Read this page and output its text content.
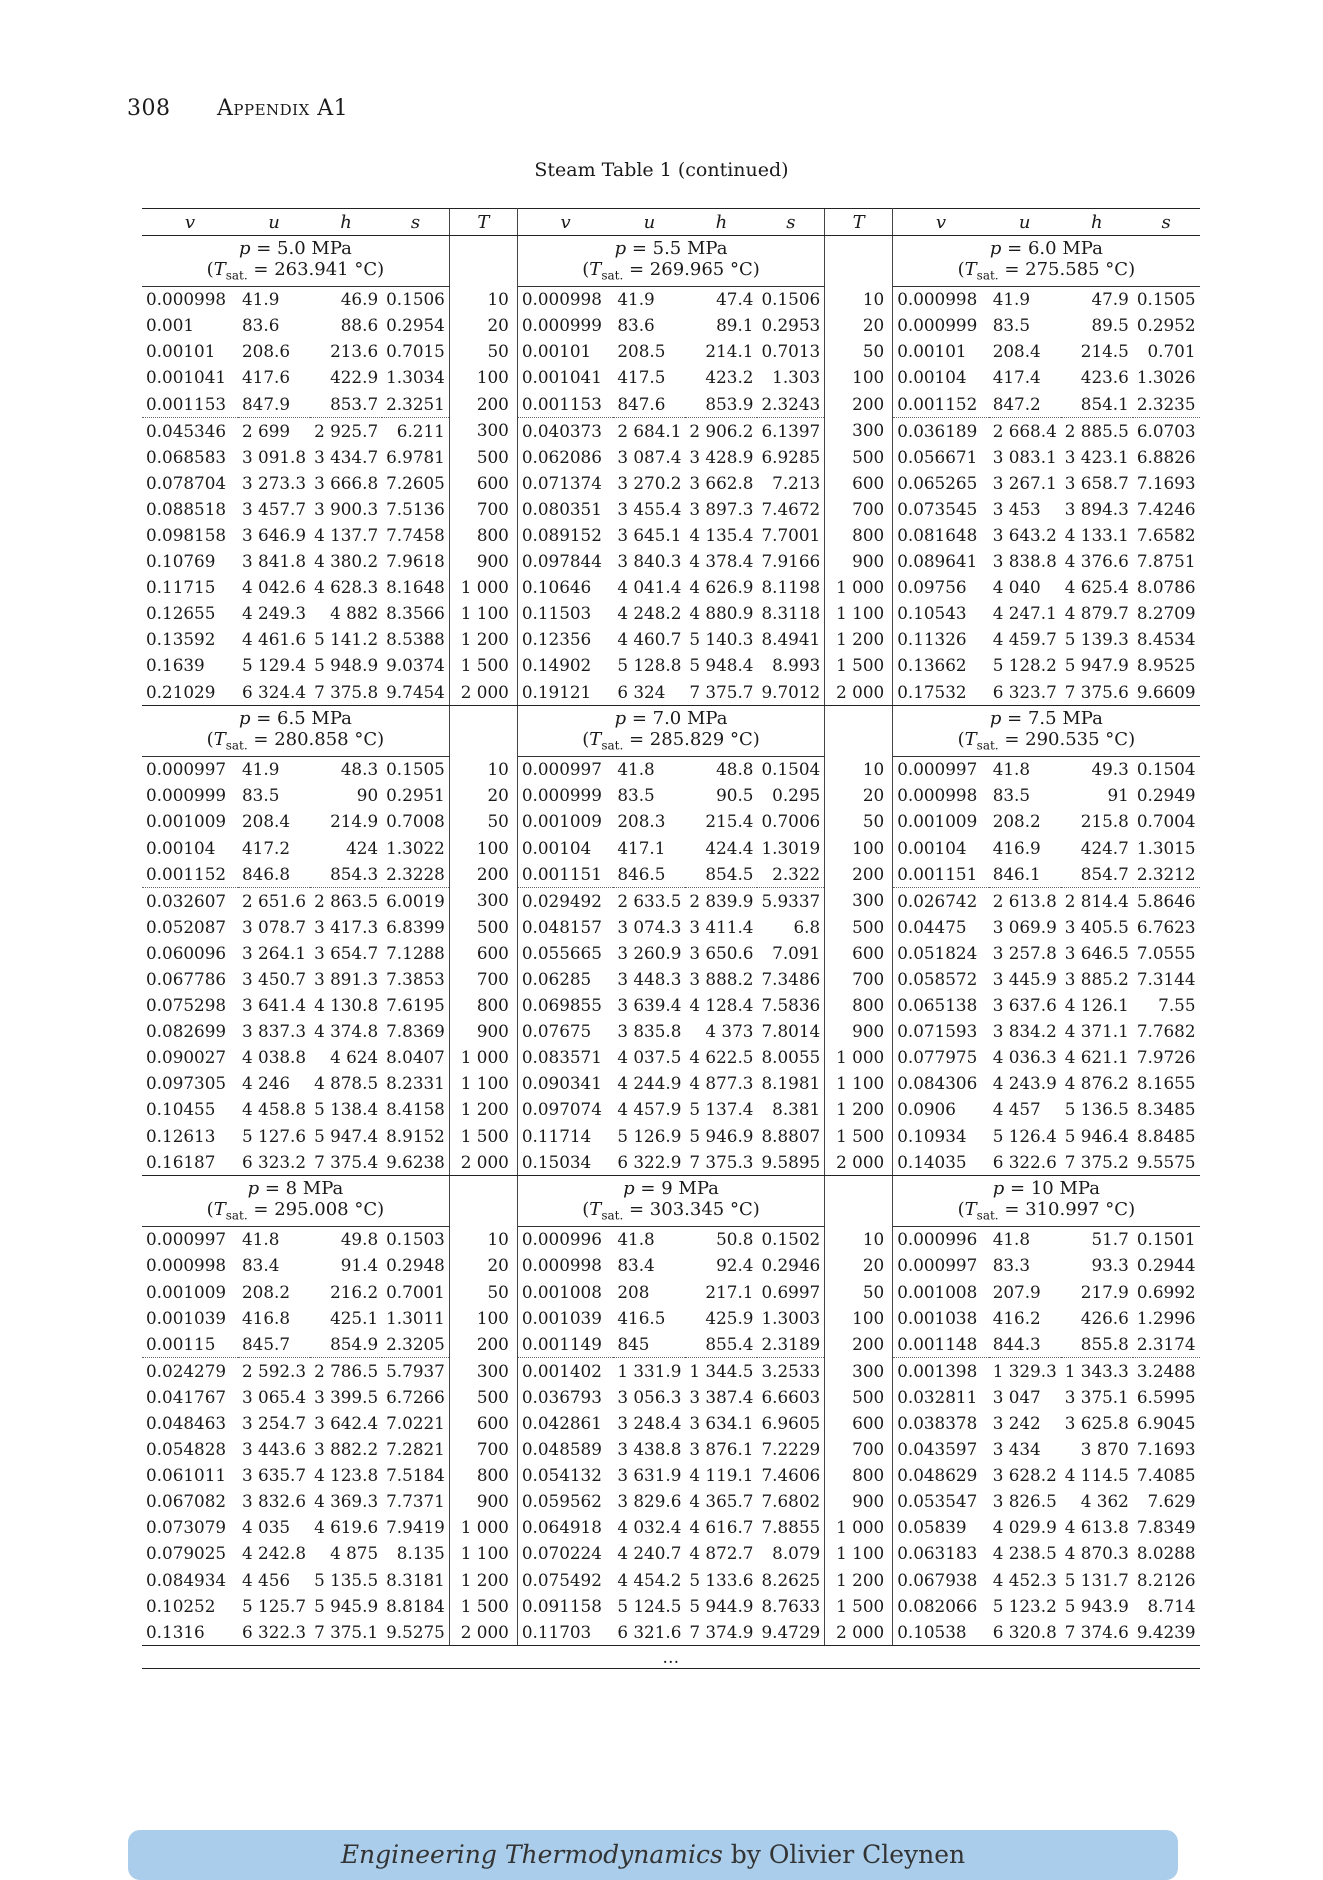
308 Appendix A1
Steam Table 1 (continued)
v	u	h	s	T	v	u	h	s	T	v	u	h	s
p = 5.0 MPa					p = 5.5 MPa					p = 6.0 MPa			
($T_{sat.} = 263.941$ °C)					($T_{sat.} = 269.965$ °C)					($T_{sat.} = 275.585$ °C)			
0.000998	41.9	46.9	0.1506	10	0.000998	41.9	47.4	0.1506	10	0.000998	41.9	47.9	0.1505
0.001	83.6	88.6	0.2954	20	0.000999	83.6	89.1	0.2953	20	0.000999	83.5	89.5	0.2952
0.00101	208.6	213.6	0.7015	50	0.00101	208.5	214.1	0.7013	50	0.00101	208.4	214.5	0.701
0.001041	417.6	422.9	1.3034	100	0.001041	417.5	423.2	1.303	100	0.00104	417.4	423.6	1.3026
0.001153	847.9	853.7	2.3251	200	0.001153	847.6	853.9	2.3243	200	0.001152	847.2	854.1	2.3235
0.045346	2 699	2 925.7	6.211	300	0.040373	2 684.1	2 906.2	6.1397	300	0.036189	2 668.4	2 885.5	6.0703
0.068583	3 091.8	3 434.7	6.9781	500	0.062086	3 087.4	3 428.9	6.9285	500	0.056671	3 083.1	3 423.1	6.8826
0.078704	3 273.3	3 666.8	7.2605	600	0.071374	3 270.2	3 662.8	7.213	600	0.065265	3 267.1	3 658.7	7.1693
0.088518	3 457.7	3 900.3	7.5136	700	0.080351	3 455.4	3 897.3	7.4672	700	0.073545	3 453	3 894.3	7.4246
0.098158	3 646.9	4 137.7	7.7458	800	0.089152	3 645.1	4 135.4	7.7001	800	0.081648	3 643.2	4 133.1	7.6582
0.10769	3 841.8	4 380.2	7.9618	900	0.097844	3 840.3	4 378.4	7.9166	900	0.089641	3 838.8	4 376.6	7.8751
0.11715	4 042.6	4 628.3	8.1648	1 000	0.10646	4 041.4	4 626.9	8.1198	1 000	0.09756	4 040	4 625.4	8.0786
0.12655	4 249.3	4 882	8.3566	1 100	0.11503	4 248.2	4 880.9	8.3118	1 100	0.10543	4 247.1	4 879.7	8.2709
0.13592	4 461.6	5 141.2	8.5388	1 200	0.12356	4 460.7	5 140.3	8.4941	1 200	0.11326	4 459.7	5 139.3	8.4534
0.1639	5 129.4	5 948.9	9.0374	1 500	0.14902	5 128.8	5 948.4	8.993	1 500	0.13662	5 128.2	5 947.9	8.9525
0.21029	6 324.4	7 375.8	9.7454	2 000	0.19121	6 324	7 375.7	9.7012	2 000	0.17532	6 323.7	7 375.6	9.6609
p = 6.5 MPa					p = 7.0 MPa					p = 7.5 MPa			
($T_{sat.} = 280.858$ °C)					($T_{sat.} = 285.829$ °C)					($T_{sat.} = 290.535$ °C)			
0.000997	41.9	48.3	0.1505	10	0.000997	41.8	48.8	0.1504	10	0.000997	41.8	49.3	0.1504
0.000999	83.5	90	0.2951	20	0.000999	83.5	90.5	0.295	20	0.000998	83.5	91	0.2949
0.001009	208.4	214.9	0.7008	50	0.001009	208.3	215.4	0.7006	50	0.001009	208.2	215.8	0.7004
0.00104	417.2	424	1.3022	100	0.00104	417.1	424.4	1.3019	100	0.00104	416.9	424.7	1.3015
0.001152	846.8	854.3	2.3228	200	0.001151	846.5	854.5	2.322	200	0.001151	846.1	854.7	2.3212
0.032607	2 651.6	2 863.5	6.0019	300	0.029492	2 633.5	2 839.9	5.9337	300	0.026742	2 613.8	2 814.4	5.8646
0.052087	3 078.7	3 417.3	6.8399	500	0.048157	3 074.3	3 411.4	6.8	500	0.04475	3 069.9	3 405.5	6.7623
0.060096	3 264.1	3 654.7	7.1288	600	0.055665	3 260.9	3 650.6	7.091	600	0.051824	3 257.8	3 646.5	7.0555
0.067786	3 450.7	3 891.3	7.3853	700	0.06285	3 448.3	3 888.2	7.3486	700	0.058572	3 445.9	3 885.2	7.3144
0.075298	3 641.4	4 130.8	7.6195	800	0.069855	3 639.4	4 128.4	7.5836	800	0.065138	3 637.6	4 126.1	7.55
0.082699	3 837.3	4 374.8	7.8369	900	0.07675	3 835.8	4 373	7.8014	900	0.071593	3 834.2	4 371.1	7.7682
0.090027	4 038.8	4 624	8.0407	1 000	0.083571	4 037.5	4 622.5	8.0055	1 000	0.077975	4 036.3	4 621.1	7.9726
0.097305	4 246	4 878.5	8.2331	1 100	0.090341	4 244.9	4 877.3	8.1981	1 100	0.084306	4 243.9	4 876.2	8.1655
0.10455	4 458.8	5 138.4	8.4158	1 200	0.097074	4 457.9	5 137.4	8.381	1 200	0.0906	4 457	5 136.5	8.3485
0.12613	5 127.6	5 947.4	8.9152	1 500	0.11714	5 126.9	5 946.9	8.8807	1 500	0.10934	5 126.4	5 946.4	8.8485
0.16187	6 323.2	7 375.4	9.6238	2 000	0.15034	6 322.9	7 375.3	9.5895	2 000	0.14035	6 322.6	7 375.2	9.5575
p = 8 MPa					p = 9 MPa					p = 10 MPa			
($T_{sat.} = 295.008$ °C)					($T_{sat.} = 303.345$ °C)					($T_{sat.} = 310.997$ °C)			
0.000997	41.8	49.8	0.1503	10	0.000996	41.8	50.8	0.1502	10	0.000996	41.8	51.7	0.1501
0.000998	83.4	91.4	0.2948	20	0.000998	83.4	92.4	0.2946	20	0.000997	83.3	93.3	0.2944
0.001009	208.2	216.2	0.7001	50	0.001008	208	217.1	0.6997	50	0.001008	207.9	217.9	0.6992
0.001039	416.8	425.1	1.3011	100	0.001039	416.5	425.9	1.3003	100	0.001038	416.2	426.6	1.2996
0.00115	845.7	854.9	2.3205	200	0.001149	845	855.4	2.3189	200	0.001148	844.3	855.8	2.3174
0.024279	2 592.3	2 786.5	5.7937	300	0.001402	1 331.9	1 344.5	3.2533	300	0.001398	1 329.3	1 343.3	3.2488
0.041767	3 065.4	3 399.5	6.7266	500	0.036793	3 056.3	3 387.4	6.6603	500	0.032811	3 047	3 375.1	6.5995
0.048463	3 254.7	3 642.4	7.0221	600	0.042861	3 248.4	3 634.1	6.9605	600	0.038378	3 242	3 625.8	6.9045
0.054828	3 443.6	3 882.2	7.2821	700	0.048589	3 438.8	3 876.1	7.2229	700	0.043597	3 434	3 870	7.1693
0.061011	3 635.7	4 123.8	7.5184	800	0.054132	3 631.9	4 119.1	7.4606	800	0.048629	3 628.2	4 114.5	7.4085
0.067082	3 832.6	4 369.3	7.7371	900	0.059562	3 829.6	4 365.7	7.6802	900	0.053547	3 826.5	4 362	7.629
0.073079	4 035	4 619.6	7.9419	1 000	0.064918	4 032.4	4 616.7	7.8855	1 000	0.05839	4 029.9	4 613.8	7.8349
0.079025	4 242.8	4 875	8.135	1 100	0.070224	4 240.7	4 872.7	8.079	1 100	0.063183	4 238.5	4 870.3	8.0288
0.084934	4 456	5 135.5	8.3181	1 200	0.075492	4 454.2	5 133.6	8.2625	1 200	0.067938	4 452.3	5 131.7	8.2126
0.10252	5 125.7	5 945.9	8.8184	1 500	0.091158	5 124.5	5 944.9	8.7633	1 500	0.082066	5 123.2	5 943.9	8.714
0.1316	6 322.3	7 375.1	9.5275	2 000	0.11703	6 321.6	7 374.9	9.4729	2 000	0.10538	6 320.8	7 374.6	9.4239
…													
Engineering Thermodynamics by Olivier Cleynen
